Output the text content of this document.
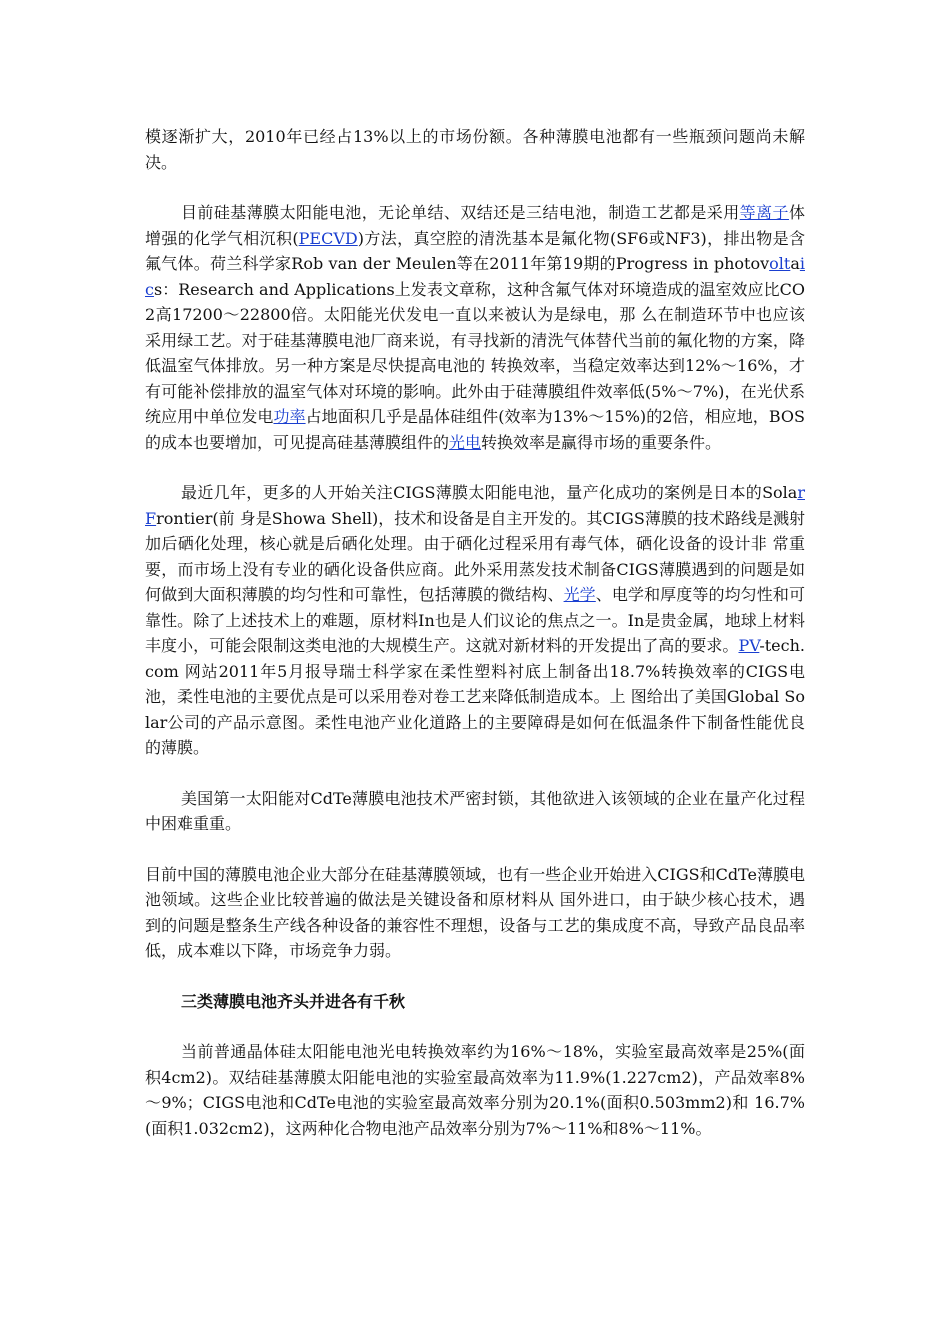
模逐渐扩大，2010年已经占13%以上的市场份额。各种薄膜电池都有一些瓶颈问题尚未解决。

目前硅基薄膜太阳能电池，无论单结、双结还是三结电池，制造工艺都是采用等离子体增强的化学气相沉积(PECVD)方法，真空腔的清洗基本是氟化物(SF6或NF3)，排出物是含氟气体。荷兰科学家Rob van der Meulen等在2011年第19期的Progress in photovoltaics：Research and Applications上发表文章称，这种含氟气体对环境造成的温室效应比CO2高17200～22800倍。太阳能光伏发电一直以来被认为是绿电，那 么在制造环节中也应该采用绿工艺。对于硅基薄膜电池厂商来说，有寻找新的清洗气体替代当前的氟化物的方案，降低温室气体排放。另一种方案是尽快提高电池的 转换效率，当稳定效率达到12%～16%，才有可能补偿排放的温室气体对环境的影响。此外由于硅薄膜组件效率低(5%～7%)，在光伏系统应用中单位发电功率占地面积几乎是晶体硅组件(效率为13%～15%)的2倍，相应地，BOS的成本也要增加，可见提高硅基薄膜组件的光电转换效率是赢得市场的重要条件。

最近几年，更多的人开始关注CIGS薄膜太阳能电池，量产化成功的案例是日本的SolarFrontier(前 身是Showa Shell)，技术和设备是自主开发的。其CIGS薄膜的技术路线是溅射加后硒化处理，核心就是后硒化处理。由于硒化过程采用有毒气体，硒化设备的设计非 常重要，而市场上没有专业的硒化设备供应商。此外采用蒸发技术制备CIGS薄膜遇到的问题是如何做到大面积薄膜的均匀性和可靠性，包括薄膜的微结构、光学、电学和厚度等的均匀性和可靠性。除了上述技术上的难题，原材料In也是人们议论的焦点之一。In是贵金属，地球上材料丰度小，可能会限制这类电池的大规模生产。这就对新材料的开发提出了高的要求。PV-tech.com 网站2011年5月报导瑞士科学家在柔性塑料衬底上制备出18.7%转换效率的CIGS电池，柔性电池的主要优点是可以采用卷对卷工艺来降低制造成本。上 图给出了美国Global Solar公司的产品示意图。柔性电池产业化道路上的主要障碍是如何在低温条件下制备性能优良的薄膜。

美国第一太阳能对CdTe薄膜电池技术严密封锁，其他欲进入该领域的企业在量产化过程中困难重重。

目前中国的薄膜电池企业大部分在硅基薄膜领域，也有一些企业开始进入CIGS和CdTe薄膜电池领域。这些企业比较普遍的做法是关键设备和原材料从 国外进口，由于缺少核心技术，遇到的问题是整条生产线各种设备的兼容性不理想，设备与工艺的集成度不高，导致产品良品率低，成本难以下降，市场竞争力弱。

三类薄膜电池齐头并进各有千秋

当前普通晶体硅太阳能电池光电转换效率约为16%～18%，实验室最高效率是25%(面积4cm2)。双结硅基薄膜太阳能电池的实验室最高效率为11.9%(1.227cm2)，产品效率8%～9%；CIGS电池和CdTe电池的实验室最高效率分别为20.1%(面积0.503mm2)和 16.7%(面积1.032cm2)，这两种化合物电池产品效率分别为7%～11%和8%～11%。
